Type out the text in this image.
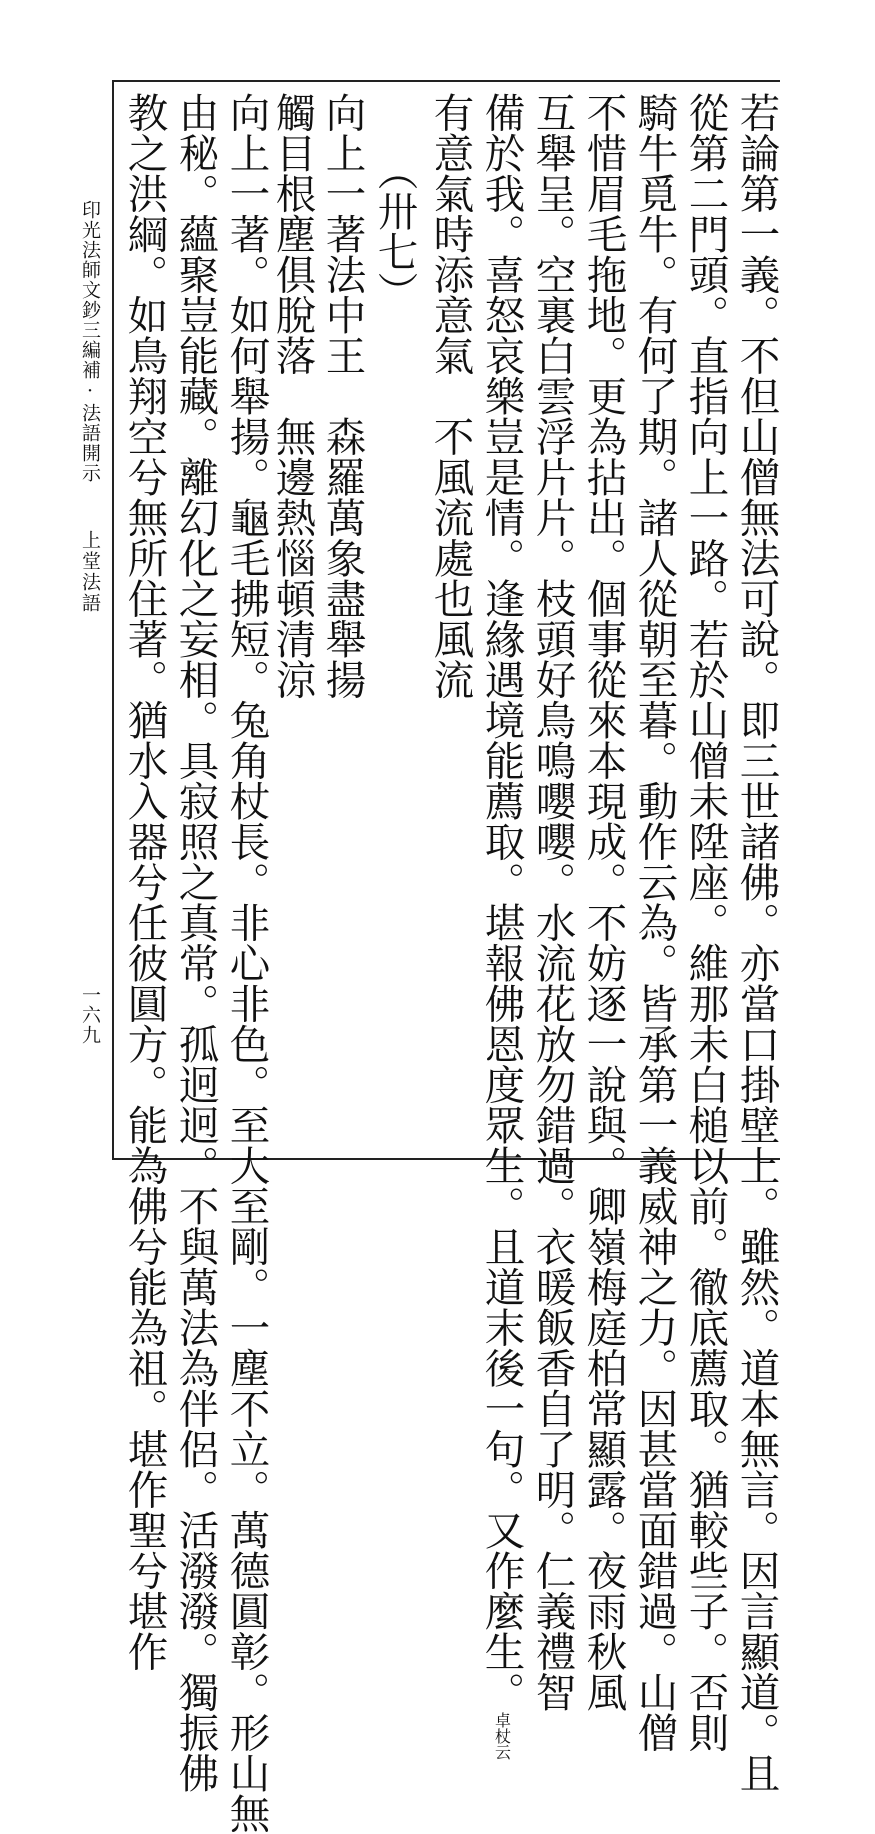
若論第一義。不但山僧無法可說。即三世諸佛。亦當口掛壁上。雖然。道本無言。因言顯道。且
從第二門頭。直指向上一路。若於山僧未陞座。維那未白槌以前。徹底薦取。猶較些子。否則
騎牛覓牛。有何了期。諸人從朝至暮。動作云為。皆承第一義威神之力。因甚當面錯過。山僧
不惜眉毛拖地。更為拈出。個事從來本現成。不妨逐一說與。卿嶺梅庭柏常顯露。夜雨秋風
互舉呈。空裏白雲浮片片。枝頭好鳥鳴嚶嚶。水流花放勿錯過。衣暖飯香自了明。仁義禮智
備於我。喜怒哀樂豈是情。逢緣遇境能薦取。堪報佛恩度眾生。且道末後一句。又作麼生。卓杖云
有意氣時添意氣　不風流處也風流
（卅七）
向上一著法中王　森羅萬象盡舉揚
觸目根塵俱脫落　無邊熱惱頓清涼
向上一著。如何舉揚。龜毛拂短。兔角杖長。非心非色。至大至剛。一塵不立。萬德圓彰。形山無
由秘。蘊聚豈能藏。離幻化之妄相。具寂照之真常。孤迥迥。不與萬法為伴侶。活潑潑。獨振佛
教之洪綱。如鳥翔空兮無所住著。猶水入器兮任彼圓方。能為佛兮能為祖。堪作聖兮堪作
印光法師文鈔三編補·法語開示
上堂法語
一六九
